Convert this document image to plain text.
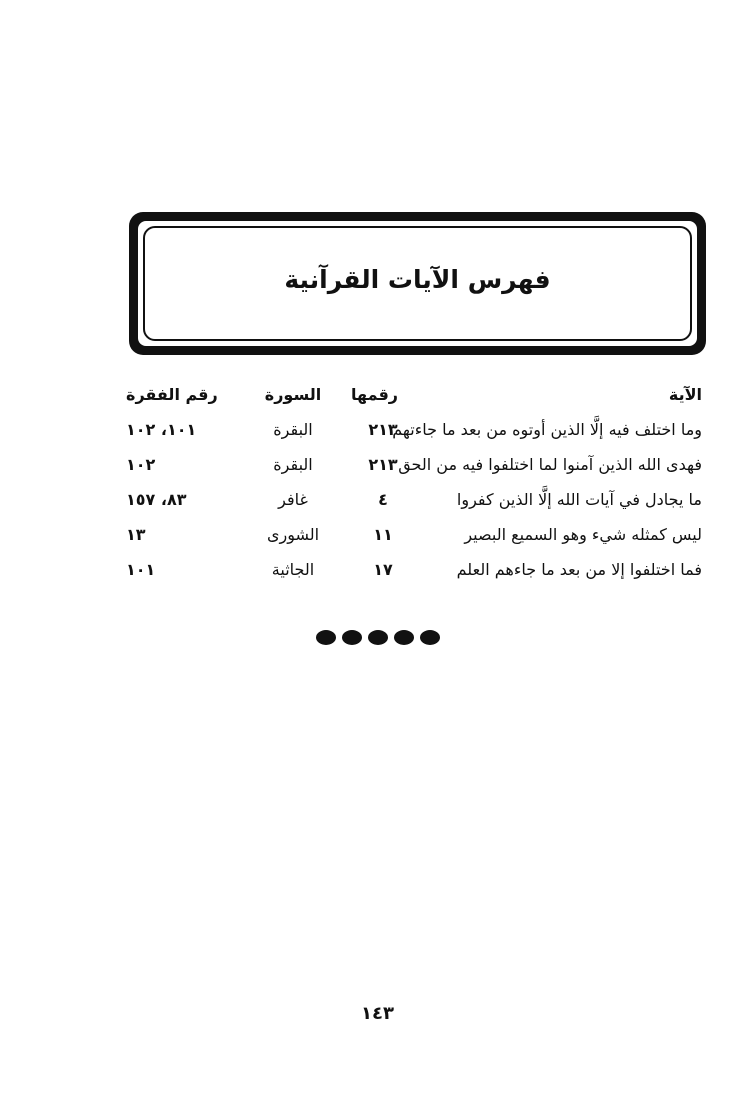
فهرس الآيات القرآنية
الآية
رقمها
السورة
رقم الفقرة
وما اختلف فيه إلَّا الذين أوتوه من بعد ما جاءتهم
٢١٣
البقرة
١٠١، ١٠٢
فهدى الله الذين آمنوا لما اختلفوا فيه من الحق
٢١٣
البقرة
١٠٢
ما يجادل في آيات الله إلَّا الذين كفروا
٤
غافر
٨٣، ١٥٧
ليس كمثله شيء وهو السميع البصير
١١
الشورى
١٣
فما اختلفوا إلا من بعد ما جاءهم العلم
١٧
الجاثية
١٠١

١٤٣
